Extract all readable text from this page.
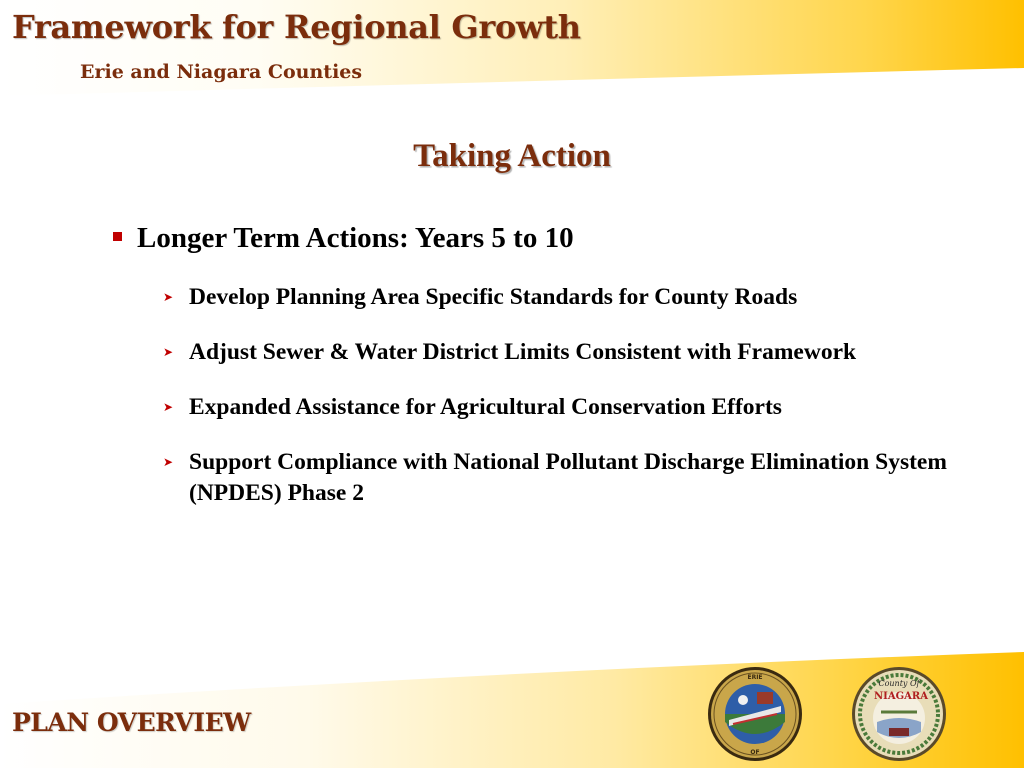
Framework for Regional Growth
Erie and Niagara Counties
Taking Action
Longer Term Actions: Years 5 to 10
➤ Develop Planning Area Specific Standards for County Roads
➤ Adjust Sewer & Water District Limits Consistent with Framework
➤ Expanded Assistance for Agricultural Conservation Efforts
➤ Support Compliance with National Pollutant Discharge Elimination System (NPDES) Phase 2
PLAN OVERVIEW
ERIE
OF
County Of
NIAGARA
